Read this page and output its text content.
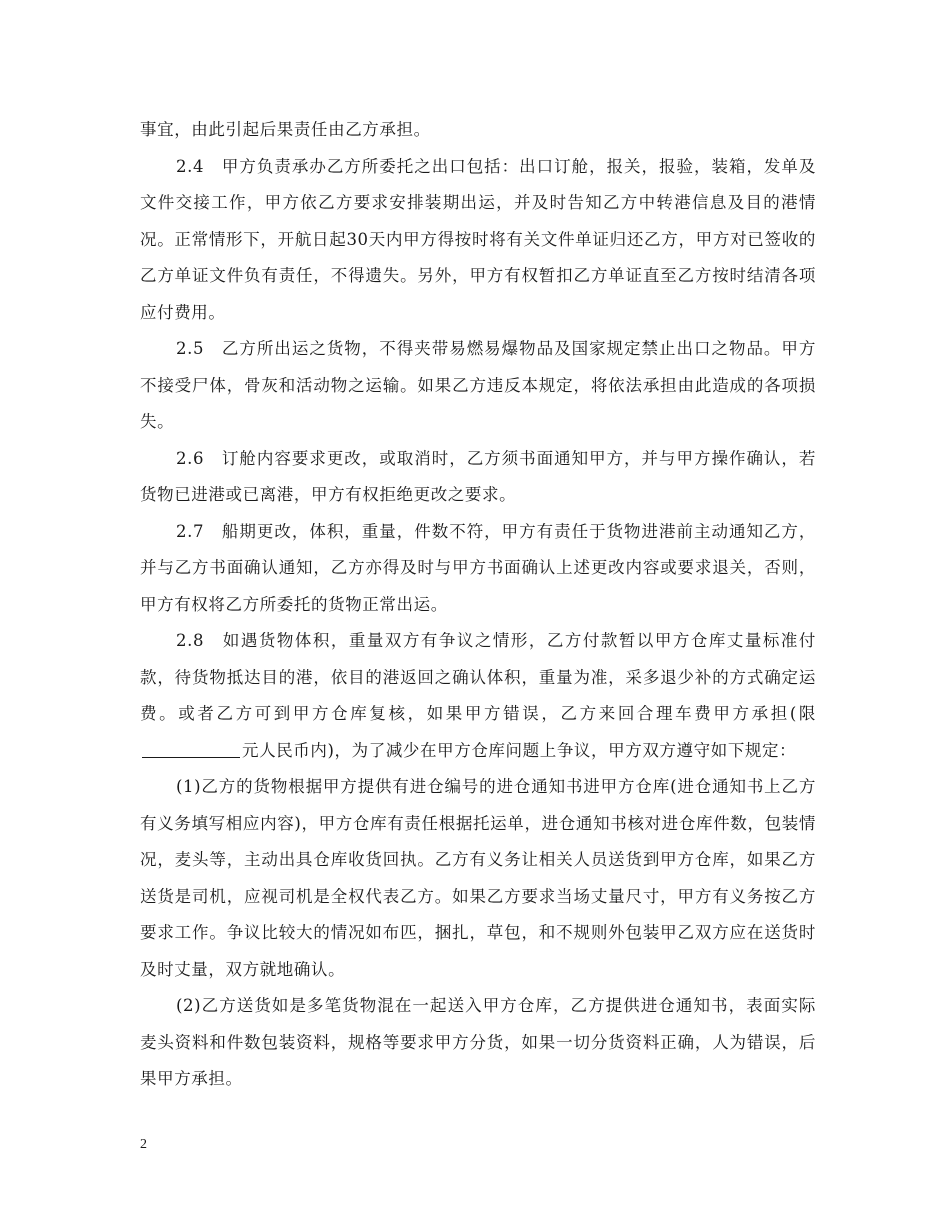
事宜，由此引起后果责任由乙方承担。

2.4　甲方负责承办乙方所委托之出口包括：出口订舱，报关，报验，装箱，发单及文件交接工作，甲方依乙方要求安排装期出运，并及时告知乙方中转港信息及目的港情况。正常情形下，开航日起30天内甲方得按时将有关文件单证归还乙方，甲方对已签收的乙方单证文件负有责任，不得遗失。另外，甲方有权暂扣乙方单证直至乙方按时结清各项应付费用。

2.5　乙方所出运之货物，不得夹带易燃易爆物品及国家规定禁止出口之物品。甲方不接受尸体，骨灰和活动物之运输。如果乙方违反本规定，将依法承担由此造成的各项损失。

2.6　订舱内容要求更改，或取消时，乙方须书面通知甲方，并与甲方操作确认，若货物已进港或已离港，甲方有权拒绝更改之要求。

2.7　船期更改，体积，重量，件数不符，甲方有责任于货物进港前主动通知乙方，并与乙方书面确认通知，乙方亦得及时与甲方书面确认上述更改内容或要求退关，否则，甲方有权将乙方所委托的货物正常出运。

2.8　如遇货物体积，重量双方有争议之情形，乙方付款暂以甲方仓库丈量标准付款，待货物抵达目的港，依目的港返回之确认体积，重量为准，采多退少补的方式确定运费。或者乙方可到甲方仓库复核，如果甲方错误，乙方来回合理车费甲方承担(限元人民币内)，为了减少在甲方仓库问题上争议，甲方双方遵守如下规定：

(1)乙方的货物根据甲方提供有进仓编号的进仓通知书进甲方仓库(进仓通知书上乙方有义务填写相应内容)，甲方仓库有责任根据托运单，进仓通知书核对进仓库件数，包装情况，麦头等，主动出具仓库收货回执。乙方有义务让相关人员送货到甲方仓库，如果乙方送货是司机，应视司机是全权代表乙方。如果乙方要求当场丈量尺寸，甲方有义务按乙方要求工作。争议比较大的情况如布匹，捆扎，草包，和不规则外包装甲乙双方应在送货时及时丈量，双方就地确认。

(2)乙方送货如是多笔货物混在一起送入甲方仓库，乙方提供进仓通知书，表面实际麦头资料和件数包装资料，规格等要求甲方分货，如果一切分货资料正确，人为错误，后果甲方承担。

2
